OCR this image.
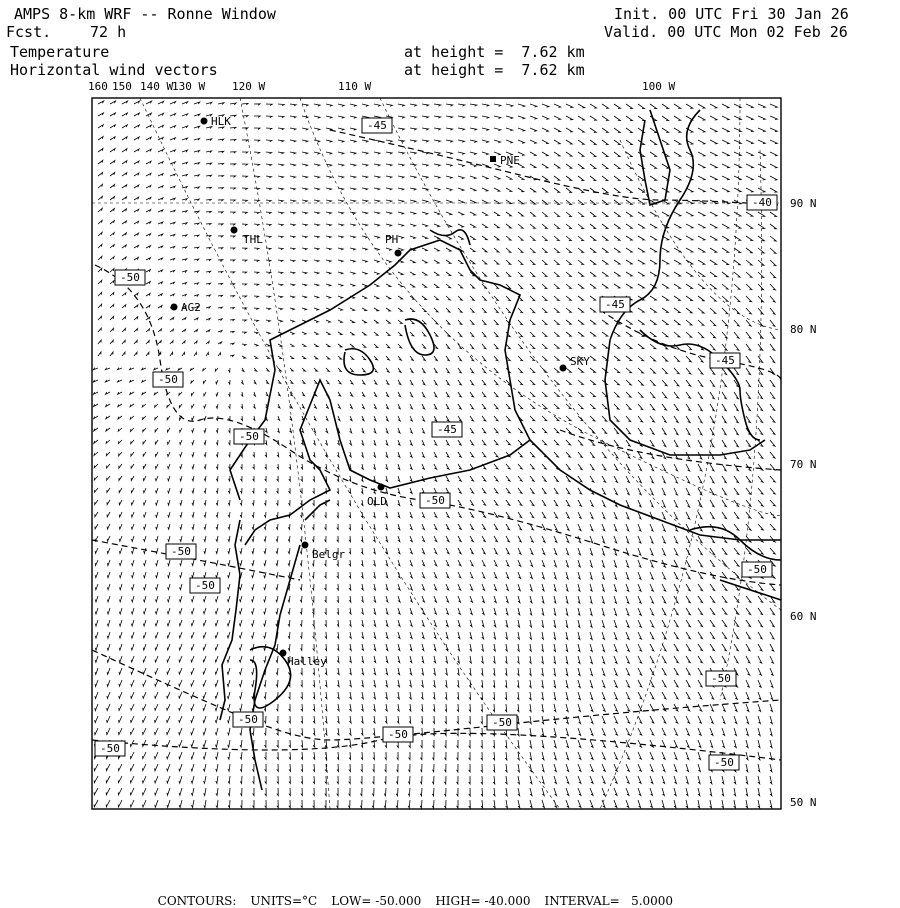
AMPS 8-km WRF -- Ronne Window
Fcst.	72 h
Temperature
Horizontal wind vectors
at height =  7.62 km
at height =  7.62 km
Init. 00 UTC Fri 30 Jan 26
Valid. 00 UTC Mon 02 Feb 26
160 150 140 W
130 W 120 W	110 W	100 W
90 N
80 N
70 N
60 N
50 N
HLK
PNE
THL	PH
AG2
SKY
OLD
Belgr
Halley
-45
-40
-50
-45
-45
-50
-50
-50
-45
-50
-50
-50
-50
-50	-50
-50
-50
-50

CONTOURS: UNITS=°C LOW= -50.000 HIGH= -40.000 INTERVAL=   5.0000
